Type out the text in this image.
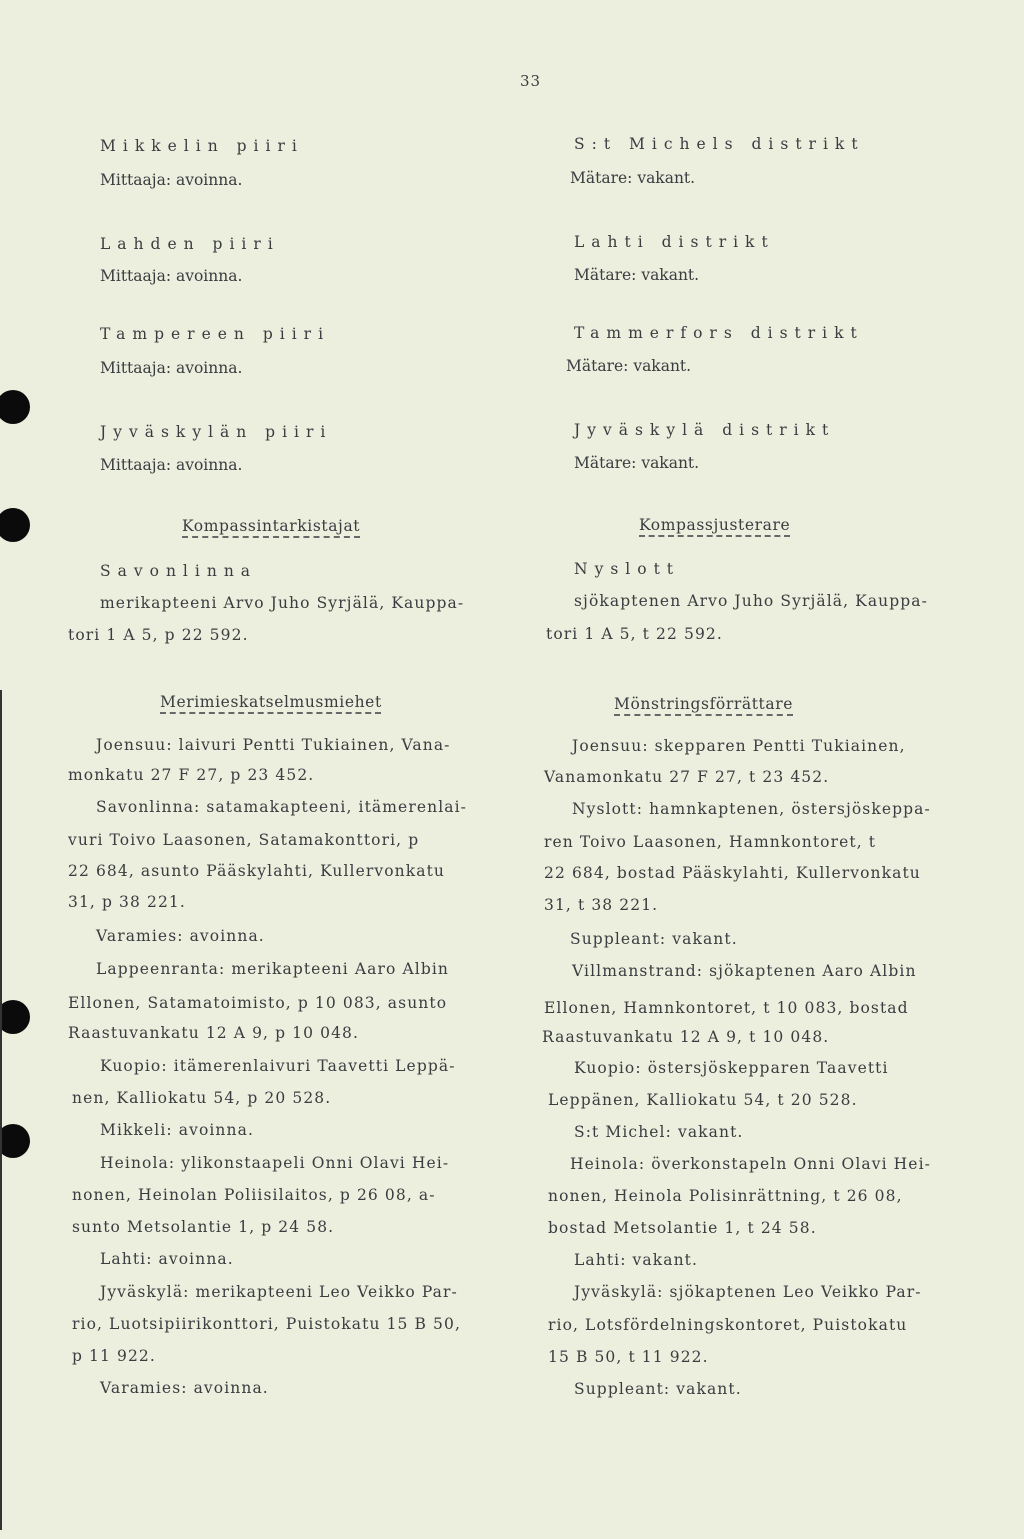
33
Mikkelin piiri
Mittaaja: avoinna.
Lahden piiri
Mittaaja: avoinna.
Tampereen piiri
Mittaaja: avoinna.
Jyväskylän piiri
Mittaaja: avoinna.
Kompassintarkistajat
Savonlinna
merikapteeni Arvo Juho Syrjälä, Kauppa-
tori 1 A 5, p 22 592.
Merimieskatselmusmiehet
Joensuu: laivuri Pentti Tukiainen, Vana-
monkatu 27 F 27, p 23 452.
Savonlinna: satamakapteeni, itämerenlai-
vuri Toivo Laasonen, Satamakonttori, p
22 684, asunto Pääskylahti, Kullervonkatu
31, p 38 221.
Varamies: avoinna.
Lappeenranta: merikapteeni Aaro Albin
Ellonen, Satamatoimisto, p 10 083, asunto
Raastuvankatu 12 A 9, p 10 048.
Kuopio: itämerenlaivuri Taavetti Leppä-
nen, Kalliokatu 54, p 20 528.
Mikkeli: avoinna.
Heinola: ylikonstaapeli Onni Olavi Hei-
nonen, Heinolan Poliisilaitos, p 26 08, a-
sunto Metsolantie 1, p 24 58.
Lahti: avoinna.
Jyväskylä: merikapteeni Leo Veikko Par-
rio, Luotsipiirikonttori, Puistokatu 15 B 50,
p 11 922.
Varamies: avoinna.
S:t Michels distrikt
Mätare: vakant.
Lahti distrikt
Mätare: vakant.
Tammerfors distrikt
Mätare: vakant.
Jyväskylä distrikt
Mätare: vakant.
Kompassjusterare
Nyslott
sjökaptenen Arvo Juho Syrjälä, Kauppa-
tori 1 A 5, t 22 592.
Mönstringsförrättare
Joensuu: skepparen Pentti Tukiainen,
Vanamonkatu 27 F 27, t 23 452.
Nyslott: hamnkaptenen, östersjöskeppa-
ren Toivo Laasonen, Hamnkontoret, t
22 684, bostad Pääskylahti, Kullervonkatu
31, t 38 221.
Suppleant: vakant.
Villmanstrand: sjökaptenen Aaro Albin
Ellonen, Hamnkontoret, t 10 083, bostad
Raastuvankatu 12 A 9, t 10 048.
Kuopio: östersjöskepparen Taavetti
Leppänen, Kalliokatu 54, t 20 528.
S:t Michel: vakant.
Heinola: överkonstapeln Onni Olavi Hei-
nonen, Heinola Polisinrättning, t 26 08,
bostad Metsolantie 1, t 24 58.
Lahti: vakant.
Jyväskylä: sjökaptenen Leo Veikko Par-
rio, Lotsfördelningskontoret, Puistokatu
15 B 50, t 11 922.
Suppleant: vakant.
